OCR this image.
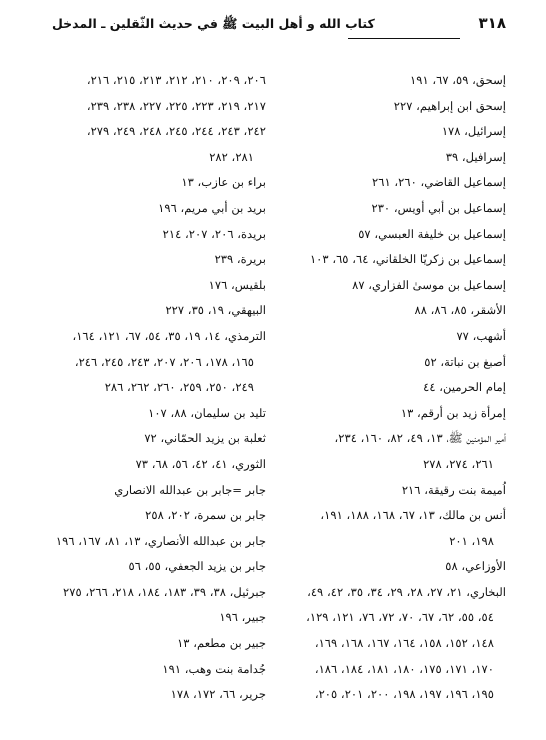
٣١٨
كتاب الله و أهل البيت ﷺ في حديث الثّقلين ـ المدخل
إسحق، ٥٩، ٦٧، ١٩١
إسحق ابن إبراهيم، ٢٢٧
إسرائيل، ١٧٨
إسرافيل، ٣٩
إسماعيل القاضي، ٢٦٠، ٢٦١
إسماعيل بن أبي أويس، ٢٣٠
إسماعيل بن خليفة العبسي، ٥٧
إسماعيل بن زكريّا الخلقاني، ٦٤، ٦٥، ١٠٣
إسماعيل بن موسىٰ الفزاري، ٨٧
الأشقر، ٨٥، ٨٦، ٨٨
أشهب، ٧٧
أصبغ بن نباتة، ٥٢
إمام الحرمين، ٤٤
إمرأة زيد بن أرقم، ١٣
أمير المؤمنين ﷺ، ١٣، ٤٩، ٨٢، ١٦٠، ٢٣٤،
٢٦١، ٢٧٤، ٢٧٨
اُميمة بنت رقيقة، ٢١٦
أنس بن مالك، ١٣، ٦٧، ١٦٨، ١٨٨، ١٩١،
١٩٨، ٢٠١
الأوزاعي، ٥٨
البخاري، ٢١، ٢٧، ٢٨، ٢٩، ٣٤، ٣٥، ٤٢، ٤٩،
٥٤، ٥٥، ٦٢، ٦٧، ٧٠، ٧٢، ٧٦، ١٢١، ١٢٩،
١٤٨، ١٥٢، ١٥٨، ١٦٤، ١٦٧، ١٦٨، ١٦٩،
١٧٠، ١٧١، ١٧٥، ١٨٠، ١٨١، ١٨٤، ١٨٦،
١٩٥، ١٩٦، ١٩٧، ١٩٨، ٢٠٠، ٢٠١، ٢٠٥،
٢٠٦، ٢٠٩، ٢١٠، ٢١٢، ٢١٣، ٢١٥، ٢١٦،
٢١٧، ٢١٩، ٢٢٣، ٢٢٥، ٢٢٧، ٢٣٨، ٢٣٩،
٢٤٢، ٢٤٣، ٢٤٤، ٢٤٥، ٢٤٨، ٢٤٩، ٢٧٩،
٢٨١، ٢٨٢
براء بن عازب، ١٣
بريد بن أبي مريم، ١٩٦
بريدة، ٢٠٦، ٢٠٧، ٢١٤
بريرة، ٢٣٩
بلقيس، ١٧٦
البيهقي، ١٩، ٣٥، ٢٢٧
الترمذي، ١٤، ١٩، ٣٥، ٥٤، ٦٧، ١٢١، ١٦٤،
١٦٥، ١٧٨، ٢٠٦، ٢٠٧، ٢٤٣، ٢٤٥، ٢٤٦،
٢٤٩، ٢٥٠، ٢٥٩، ٢٦٠، ٢٦٢، ٢٨٦
تليد بن سليمان، ٨٨، ١٠٧
ثعلبة بن يزيد الحمّاني، ٧٢
الثوري، ٤١، ٤٢، ٥٦، ٦٨، ٧٣
جابر =جابر بن عبدالله الانصاري
جابر بن سمرة، ٢٠٢، ٢٥٨
جابر بن عبدالله الأنصاري، ١٣، ٨١، ١٦٧، ١٩٦
جابر بن يزيد الجعفي، ٥٥، ٥٦
جبرئيل، ٣٨، ٣٩، ١٨٣، ١٨٤، ٢١٨، ٢٦٦، ٢٧٥
جبير، ١٩٦
جبير بن مطعم، ١٣
جُدامة بنت وهب، ١٩١
جرير، ٦٦، ١٧٢، ١٧٨
